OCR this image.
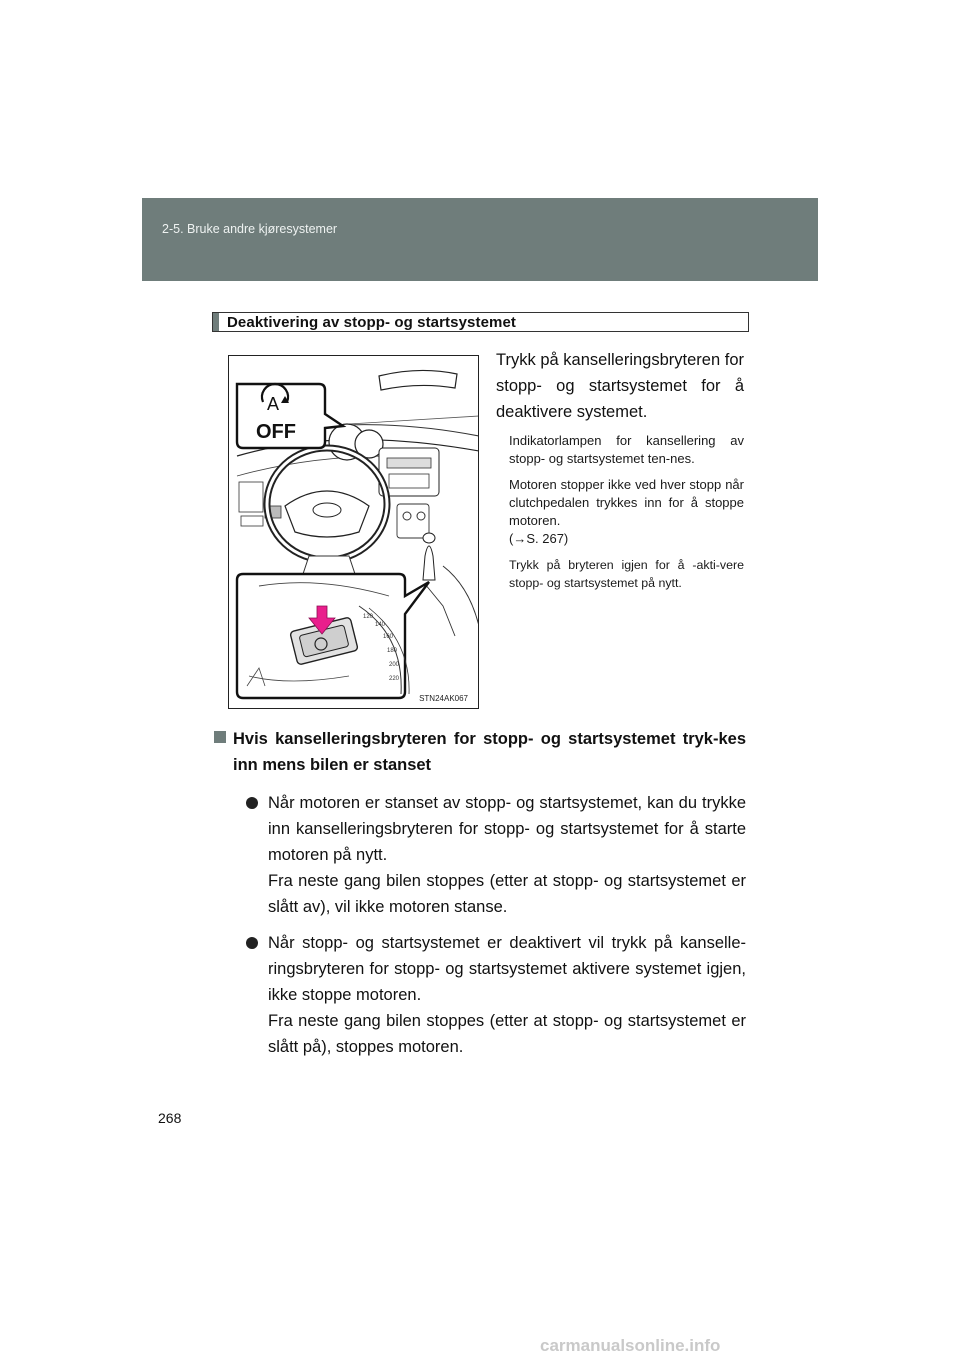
2-5. Bruke andre kjøresystemer
Deaktivering av stopp- og startsystemet
120
140
160
180
200
220
A
OFF
STN24AK067

Trykk på kanselleringsbryteren for stopp- og startsystemet for å deaktivere systemet.

Indikatorlampen for kansellering av stopp- og startsystemet ten-nes.
Motoren stopper ikke ved hver stopp når clutchpedalen trykkes inn for å stoppe motoren.
(→S. 267)
Trykk på bryteren igjen for å -akti-vere stopp- og startsystemet på nytt.
Hvis kanselleringsbryteren for stopp- og startsystemet tryk-kes inn mens bilen er stanset

Når motoren er stanset av stopp- og startsystemet, kan du trykke inn kanselleringsbryteren for stopp- og startsystemet for å starte motoren på nytt.

Fra neste gang bilen stoppes (etter at stopp- og startsystemet er slått av), vil ikke motoren stanse.

Når stopp- og startsystemet er deaktivert vil trykk på kanselle-ringsbryteren for stopp- og startsystemet aktivere systemet igjen, ikke stoppe motoren.

Fra neste gang bilen stoppes (etter at stopp- og startsystemet er slått på), stoppes motoren.

268
carmanualsonline.info
